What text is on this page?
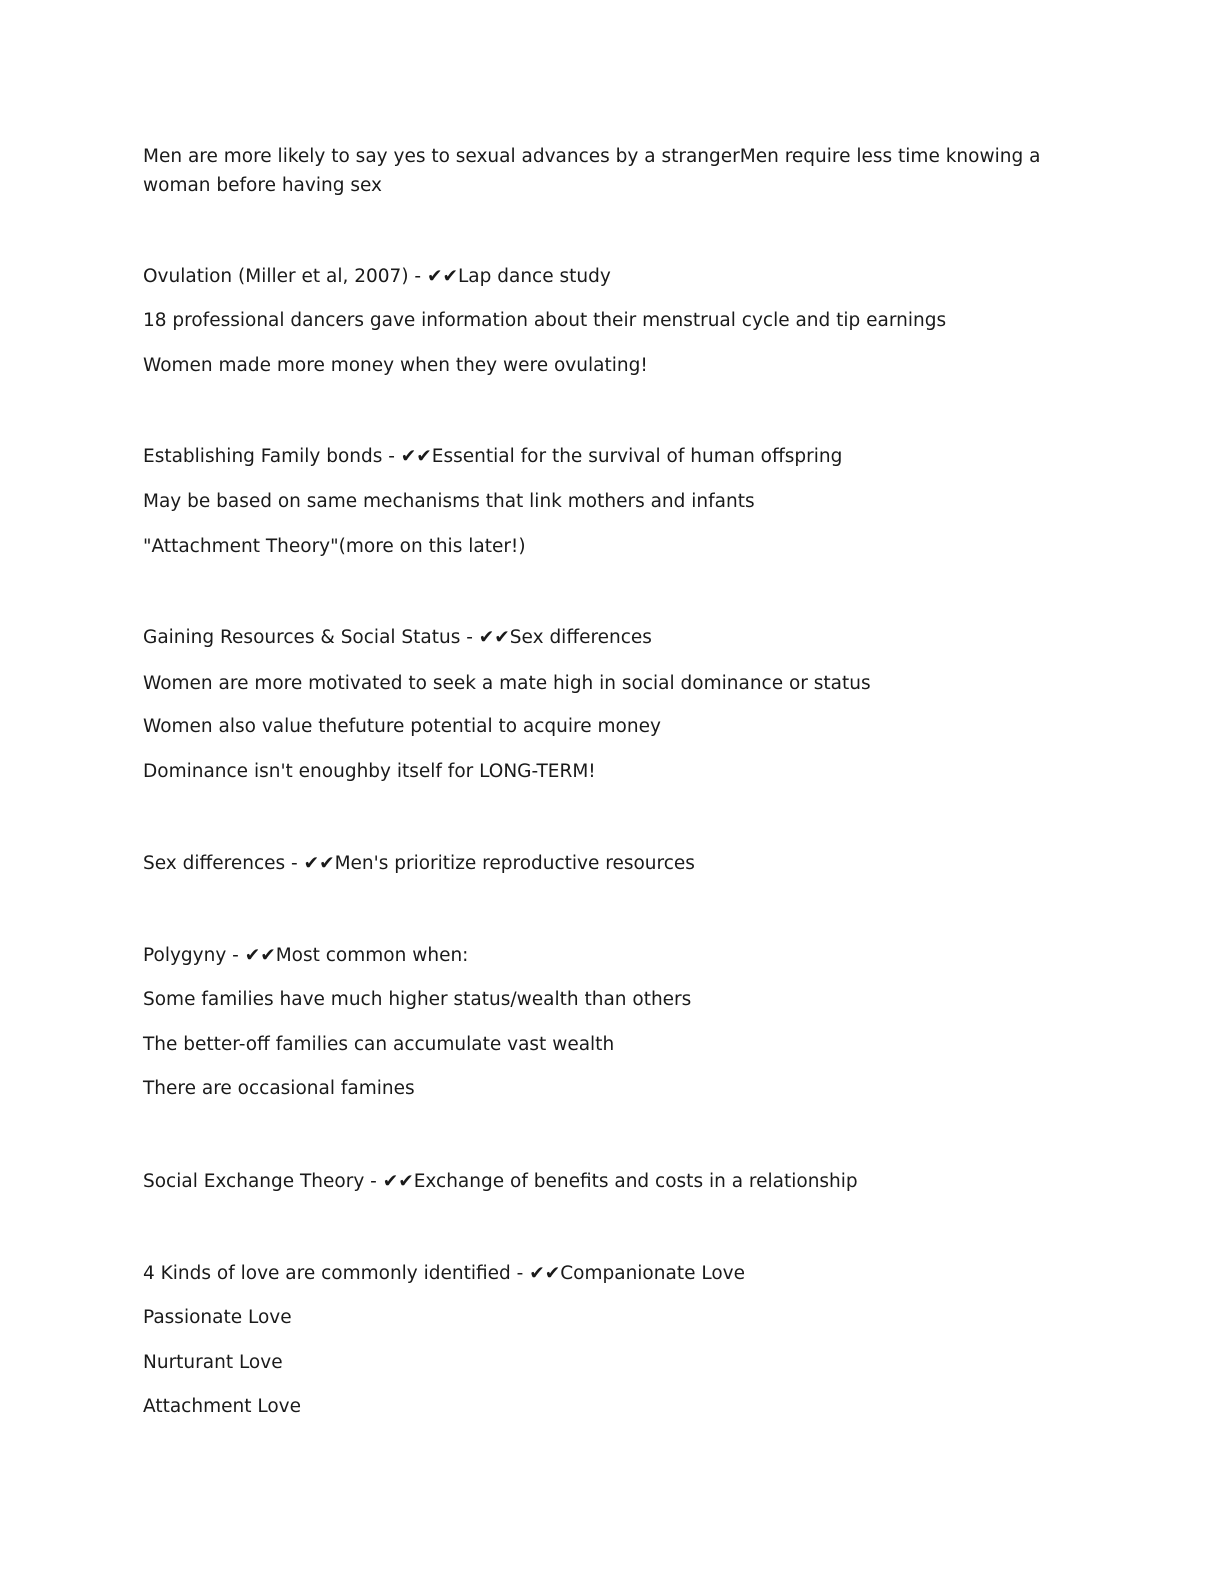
Men are more likely to say yes to sexual advances by a strangerMen require less time knowing a woman before having sex
Ovulation (Miller et al, 2007) - ✔✔Lap dance study
18 professional dancers gave information about their menstrual cycle and tip earnings
Women made more money when they were ovulating!
Establishing Family bonds - ✔✔Essential for the survival of human offspring
May be based on same mechanisms that link mothers and infants
"Attachment Theory"(more on this later!)
Gaining Resources & Social Status - ✔✔Sex differences
Women are more motivated to seek a mate high in social dominance or status
Women also value thefuture potential to acquire money
Dominance isn't enoughby itself for LONG-TERM!
Sex differences - ✔✔Men's prioritize reproductive resources
Polygyny - ✔✔Most common when:
Some families have much higher status/wealth than others
The better-off families can accumulate vast wealth
There are occasional famines
Social Exchange Theory - ✔✔Exchange of benefits and costs in a relationship
4 Kinds of love are commonly identified - ✔✔Companionate Love
Passionate Love
Nurturant Love
Attachment Love
